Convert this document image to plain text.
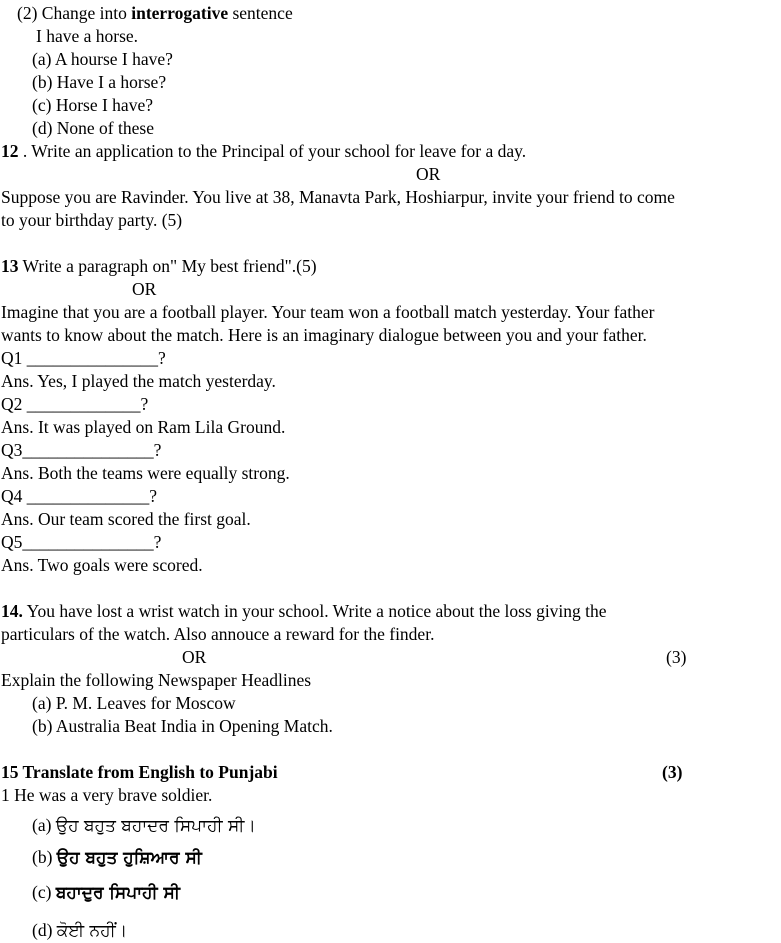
(2) Change into interrogative sentence
I have a horse.
(a) A hourse I have?
(b) Have I a horse?
(c) Horse I have?
(d) None of these
12 . Write an application to the Principal of your school for leave for a day.
OR
Suppose you are Ravinder. You live at 38, Manavta Park, Hoshiarpur, invite your friend to come
to your birthday party. (5)
13 Write a paragraph on" My best friend".(5)
OR
Imagine that you are a football player. Your team won a football match yesterday. Your father
wants to know about the match. Here is an imaginary dialogue between you and your father.
Q1 _______________?
Ans. Yes, I played the match yesterday.
Q2 _____________?
Ans. It was played on Ram Lila Ground.
Q3_______________?
Ans. Both the teams were equally strong.
Q4 ______________?
Ans. Our team scored the first goal.
Q5_______________?
Ans. Two goals were scored.
14. You have lost a wrist watch in your school. Write a notice about the loss giving the
particulars of the watch. Also annouce a reward for the finder.
OR	(3)
Explain the following Newspaper Headlines
(a) P. M. Leaves for Moscow
(b) Australia Beat India in Opening Match.
15 Translate from English to Punjabi	(3)
1 He was a very brave soldier.
(a) ਉਹ ਬਹੁਤ ਬਹਾਦਰ ਸਿਪਾਹੀ ਸੀ।
(b) ਉਹ ਬਹੁਤ ਹੁਸ਼ਿਆਰ ਸੀ
(c) ਬਹਾਦੁਰ ਸਿਪਾਹੀ ਸੀ
(d) ਕੋਈ ਨਹੀਂ।
